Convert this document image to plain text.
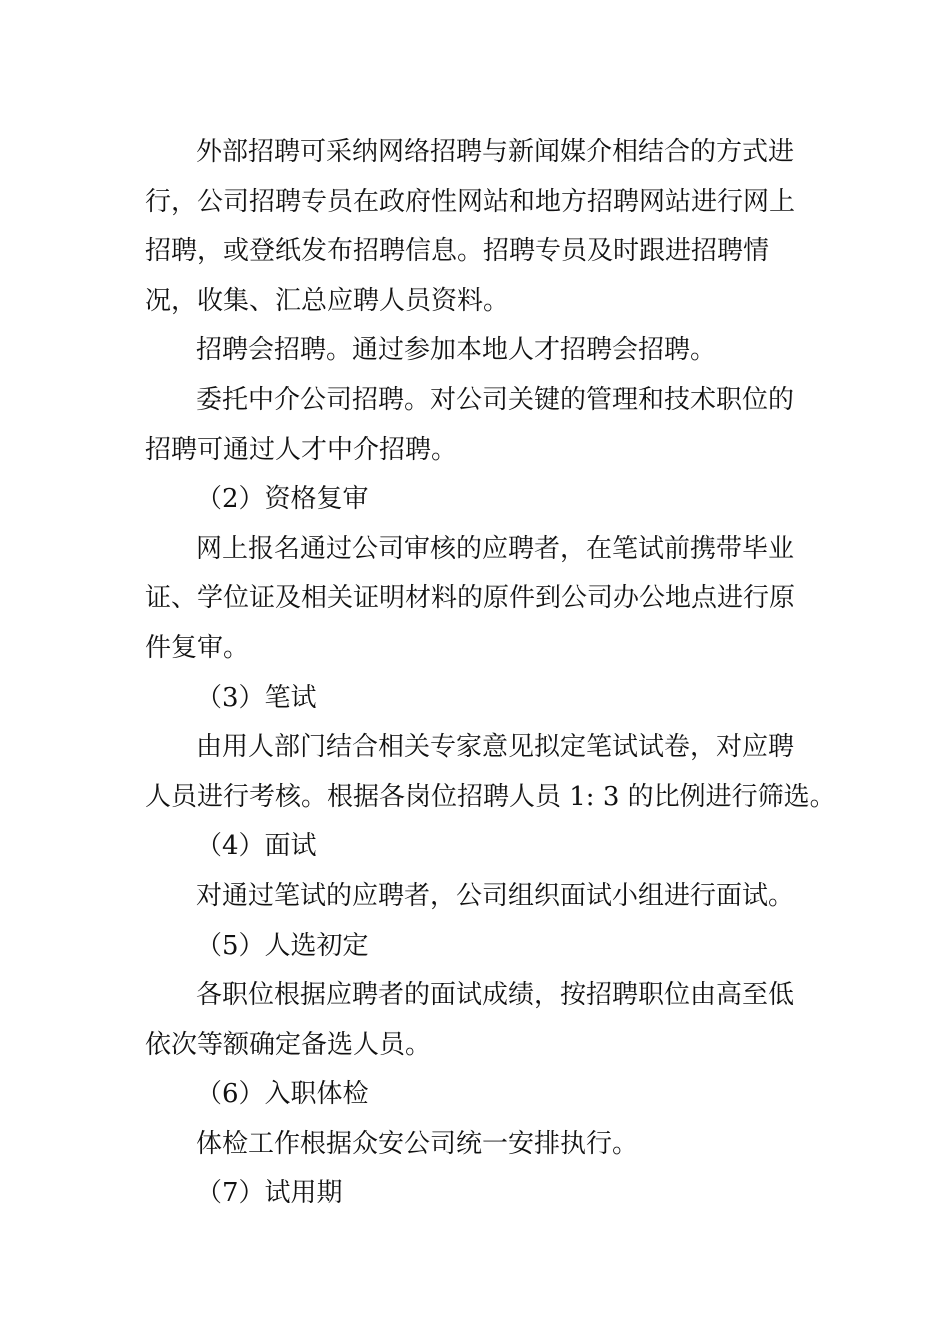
外部招聘可采纳网络招聘与新闻媒介相结合的方式进
行，公司招聘专员在政府性网站和地方招聘网站进行网上
招聘，或登纸发布招聘信息。招聘专员及时跟进招聘情
况，收集、汇总应聘人员资料。
招聘会招聘。通过参加本地人才招聘会招聘。
委托中介公司招聘。对公司关键的管理和技术职位的
招聘可通过人才中介招聘。
（2）资格复审
网上报名通过公司审核的应聘者，在笔试前携带毕业
证、学位证及相关证明材料的原件到公司办公地点进行原
件复审。
（3）笔试
由用人部门结合相关专家意见拟定笔试试卷，对应聘
人员进行考核。根据各岗位招聘人员 1: 3 的比例进行筛选。
（4）面试
对通过笔试的应聘者，公司组织面试小组进行面试。
（5）人选初定
各职位根据应聘者的面试成绩，按招聘职位由高至低
依次等额确定备选人员。
（6）入职体检
体检工作根据众安公司统一安排执行。
（7）试用期
